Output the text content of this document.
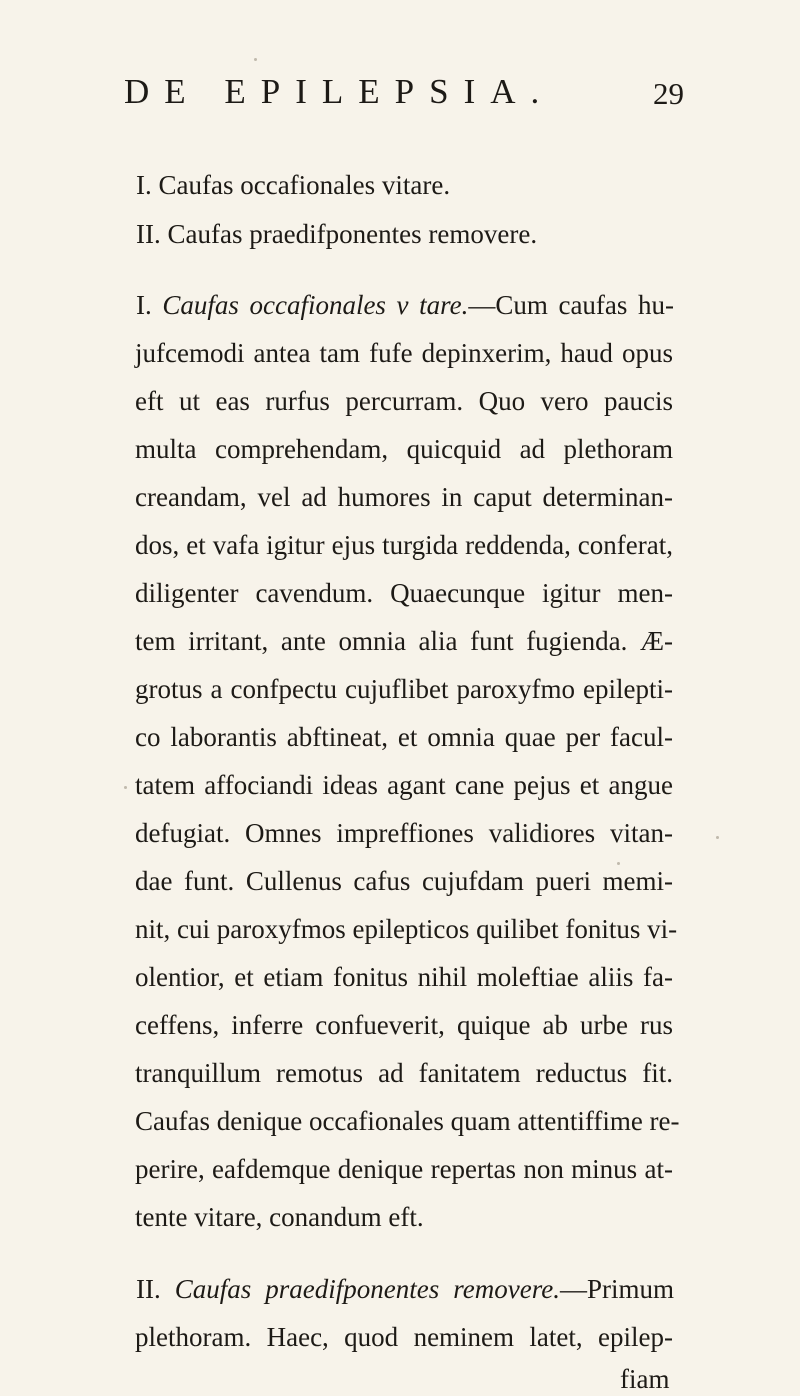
DE EPILEPSIA.	29
I. Caufas occafionales vitare.
II. Caufas praedifponentes removere.
I. Caufas occafionales v tare.—Cum caufas hu-
jufcemodi antea tam fufe depinxerim, haud opus
eft ut eas rurfus percurram. Quo vero paucis
multa comprehendam, quicquid ad plethoram
creandam, vel ad humores in caput determinan-
dos, et vafa igitur ejus turgida reddenda, conferat,
diligenter cavendum. Quaecunque igitur men-
tem irritant, ante omnia alia funt fugienda. Æ-
grotus a confpectu cujuflibet paroxyfmo epilepti-
co laborantis abftineat, et omnia quae per facul-
tatem affociandi ideas agant cane pejus et angue
defugiat. Omnes impreffiones validiores vitan-
dae funt. Cullenus cafus cujufdam pueri memi-
nit, cui paroxyfmos epilepticos quilibet fonitus vi-
olentior, et etiam fonitus nihil moleftiae aliis fa-
ceffens, inferre confueverit, quique ab urbe rus
tranquillum remotus ad fanitatem reductus fit.
Caufas denique occafionales quam attentiffime re-
perire, eafdemque denique repertas non minus at-
tente vitare, conandum eft.
II. Caufas praedifponentes removere.—Primum
plethoram. Haec, quod neminem latet, epilep-
fiam
